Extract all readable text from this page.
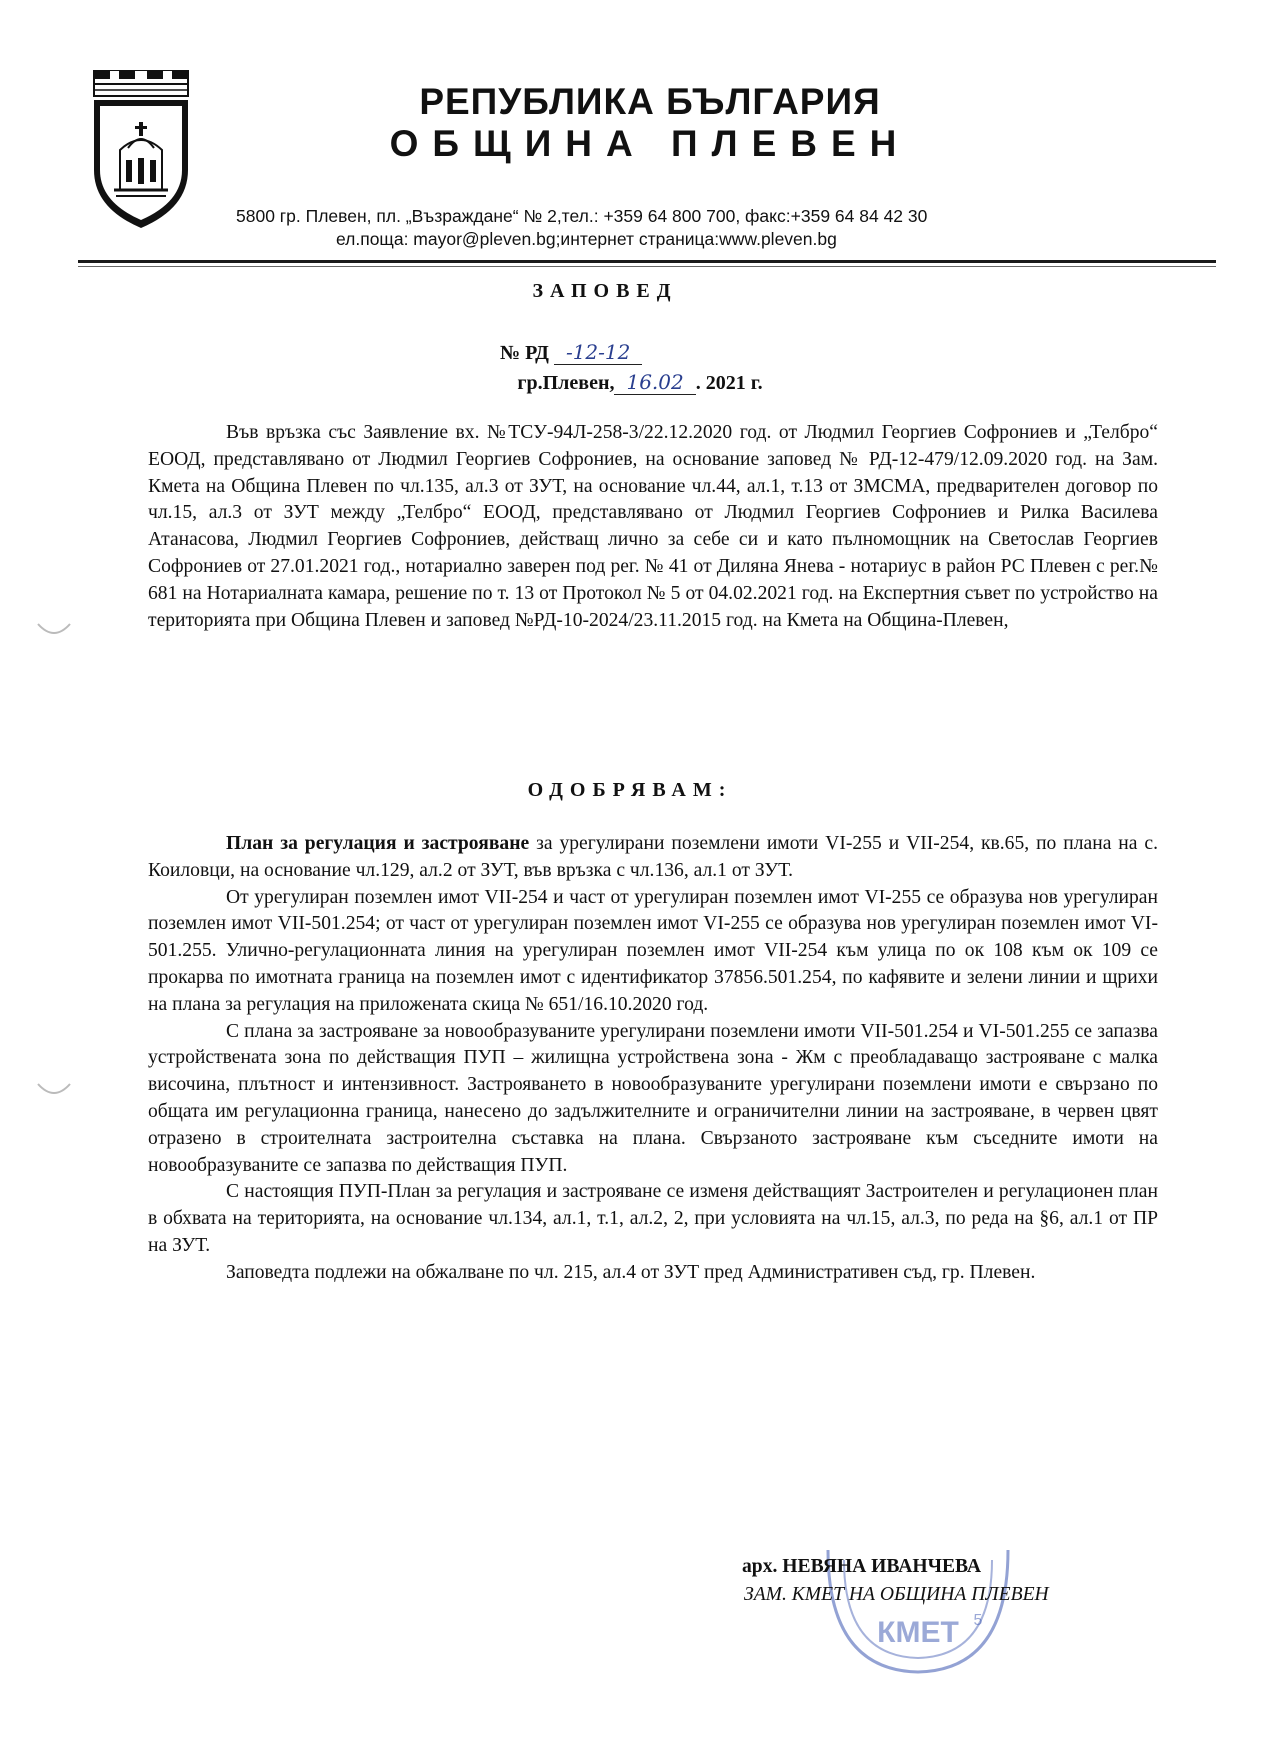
РЕПУБЛИКА БЪЛГАРИЯ
ОБЩИНА ПЛЕВЕН
5800 гр. Плевен, пл. „Възраждане“ № 2,тел.: +359 64 800 700, факс:+359 64 84 42 30
ел.поща: mayor@pleven.bg;интернет страница:www.pleven.bg
ЗАПОВЕД
№ РД -12-12
гр.Плевен, 16.02 . 2021 г.

Във връзка със Заявление вх. №ТСУ-94Л-258-3/22.12.2020 год. от Людмил Георгиев Софрониев и „Телбро“ ЕООД, представлявано от Людмил Георгиев Софрониев, на основание заповед № РД-12-479/12.09.2020 год. на Зам. Кмета на Община Плевен по чл.135, ал.3 от ЗУТ, на основание чл.44, ал.1, т.13 от ЗМСМА, предварителен договор по чл.15, ал.3 от ЗУТ между „Телбро“ ЕООД, представлявано от Людмил Георгиев Софрониев и Рилка Василева Атанасова, Людмил Георгиев Софрониев, действащ лично за себе си и като пълномощник на Светослав Георгиев Софрониев от 27.01.2021 год., нотариално заверен под рег. № 41 от Диляна Янева - нотариус в район РС Плевен с рег.№ 681 на Нотариалната камара, решение по т. 13 от Протокол № 5 от 04.02.2021 год. на Експертния съвет по устройство на територията при Община Плевен и заповед №РД-10-2024/23.11.2015 год. на Кмета на Община-Плевен,

ОДОБРЯВАМ:

План за регулация и застрояване за урегулирани поземлени имоти VI-255 и VII-254, кв.65, по плана на с. Коиловци, на основание чл.129, ал.2 от ЗУТ, във връзка с чл.136, ал.1 от ЗУТ.

От урегулиран поземлен имот VII-254 и част от урегулиран поземлен имот VI-255 се образува нов урегулиран поземлен имот VII-501.254; от част от урегулиран поземлен имот VI-255 се образува нов урегулиран поземлен имот VI-501.255. Улично-регулационната линия на урегулиран поземлен имот VII-254 към улица по ок 108 към ок 109 се прокарва по имотната граница на поземлен имот с идентификатор 37856.501.254, по кафявите и зелени линии и щрихи на плана за регулация на приложената скица № 651/16.10.2020 год.

С плана за застрояване за новообразуваните урегулирани поземлени имоти VII-501.254 и VI-501.255 се запазва устройствената зона по действащия ПУП – жилищна устройствена зона - Жм с преобладаващо застрояване с малка височина, плътност и интензивност. Застрояването в новообразуваните урегулирани поземлени имоти е свързано по общата им регулационна граница, нанесено до задължителните и ограничителни линии на застрояване, в червен цвят отразено в строителната застроителна съставка на плана. Свързаното застрояване към съседните имоти на новообразуваните се запазва по действащия ПУП.

С настоящия ПУП-План за регулация и застрояване се изменя действащият Застроителен и регулационен план в обхвата на територията, на основание чл.134, ал.1, т.1, ал.2, 2, при условията на чл.15, ал.3, по реда на §6, ал.1 от ПР на ЗУТ.

Заповедта подлежи на обжалване по чл. 215, ал.4 от ЗУТ пред Административен съд, гр. Плевен.

КМЕТ 5
арх. НЕВЯНА ИВАНЧЕВА
ЗАМ. КМЕТ НА ОБЩИНА ПЛЕВЕН
